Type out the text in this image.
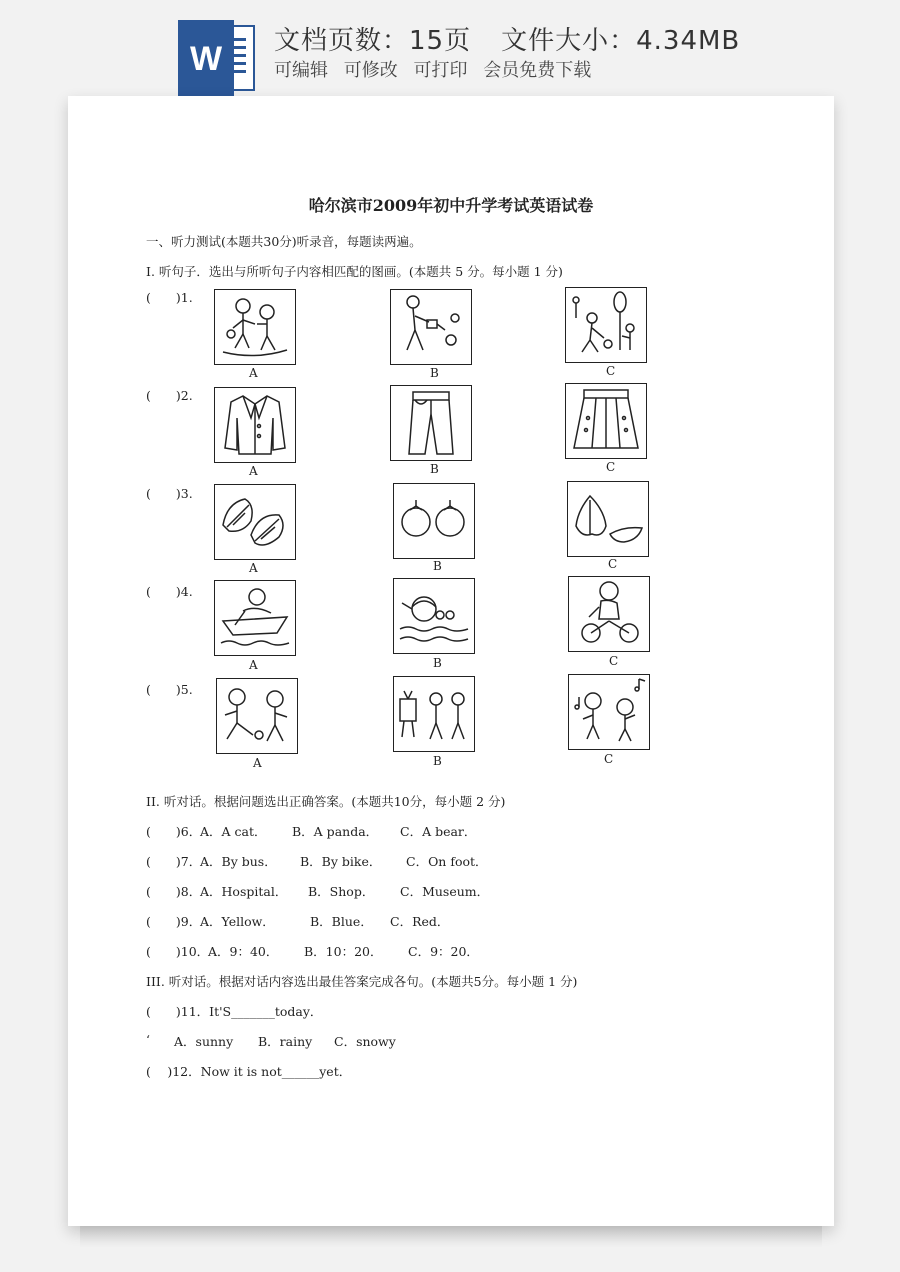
W 文档页数：15页 文件大小：4.34MB
可编辑 可修改 可打印 会员免费下载
哈尔滨市2009年初中升学考试英语试卷
一、听力测试(本题共30分)听录音，每题读两遍。
I. 听句子．选出与所听句子内容相匹配的图画。(本题共 5 分。每小题 1 分)
(　　)1.
A	B	C
(　　)2.
A	B	C
(　　)3.
A	B	C
(　　)4.
A	B	C
(　　)5.
A	B	C
II. 听对话。根据问题选出正确答案。(本题共10分，每小题 2 分)
(　　)6．
A．A cat． B．A panda． C．A bear．
(　　)7．
A．By bus． B．By bike． C．On foot．
(　　)8．
A．Hospital． B．Shop． C．Museum．
(　　)9．
A．Yellow．	B．Blue． C．Red．
(　　)10．
A．9：40． B．10：20． C．9：20．
III. 听对话。根据对话内容选出最佳答案完成各句。(本题共5分。每小题 1 分)
(　　)11．It'S_______today．
‘ A．sunny B．rainy C．snowy
(　 )12．Now it is not______yet．
